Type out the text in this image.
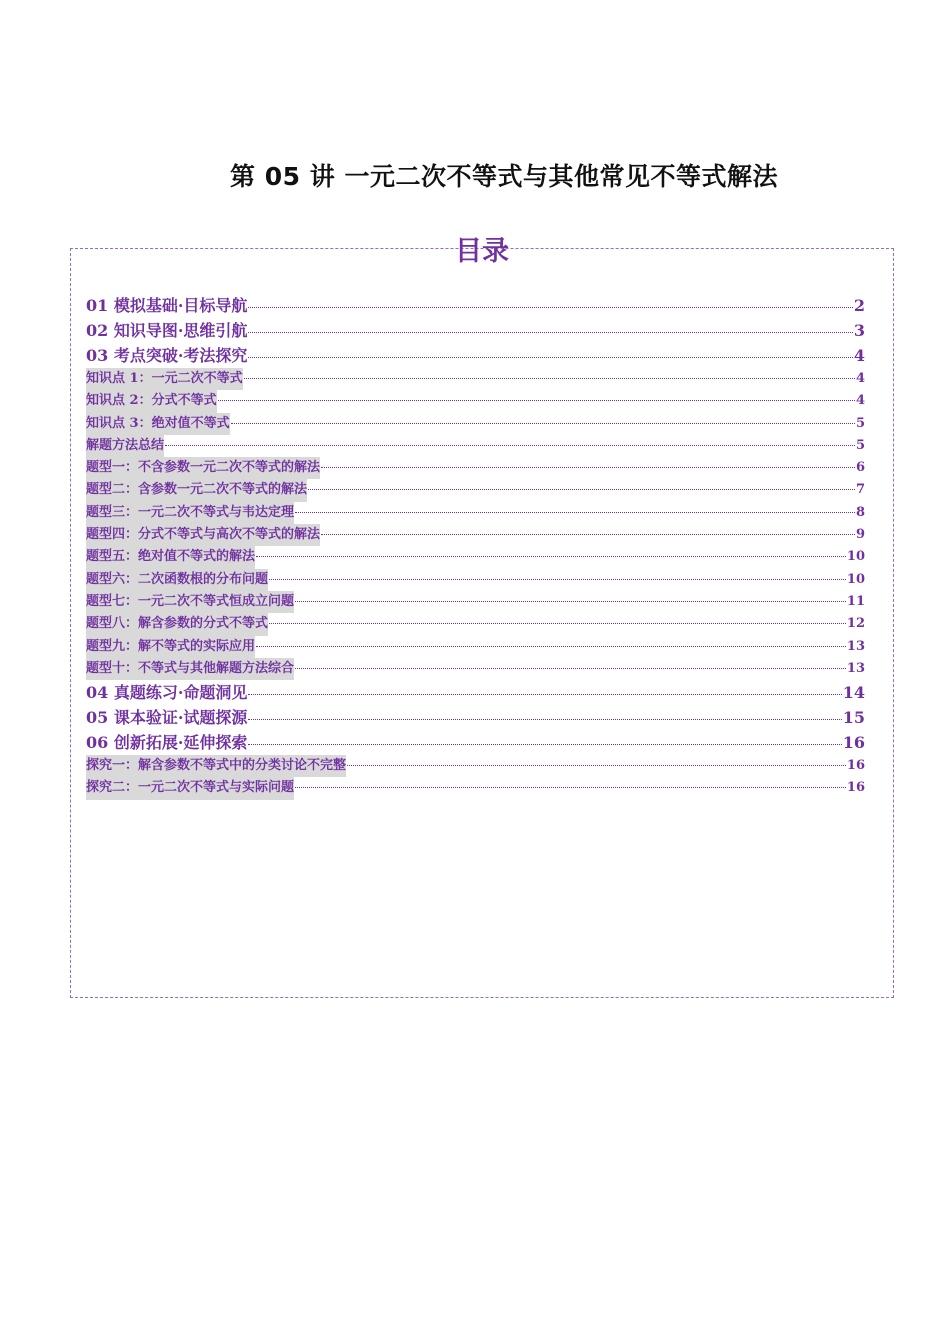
第 05 讲 一元二次不等式与其他常见不等式解法
目录
01 模拟基础·目标导航	2
02 知识导图·思维引航	3
03 考点突破·考法探究	4
知识点 1：一元二次不等式	4
知识点 2：分式不等式	4
知识点 3：绝对值不等式	5
解题方法总结	5
题型一：不含参数一元二次不等式的解法	6
题型二：含参数一元二次不等式的解法	7
题型三：一元二次不等式与韦达定理	8
题型四：分式不等式与高次不等式的解法	9
题型五：绝对值不等式的解法	10
题型六：二次函数根的分布问题	10
题型七：一元二次不等式恒成立问题	11
题型八：解含参数的分式不等式	12
题型九：解不等式的实际应用	13
题型十：不等式与其他解题方法综合	13
04 真题练习·命题洞见	14
05 课本验证·试题探源	15
06 创新拓展·延伸探索	16
探究一：解含参数不等式中的分类讨论不完整	16
探究二：一元二次不等式与实际问题	16
